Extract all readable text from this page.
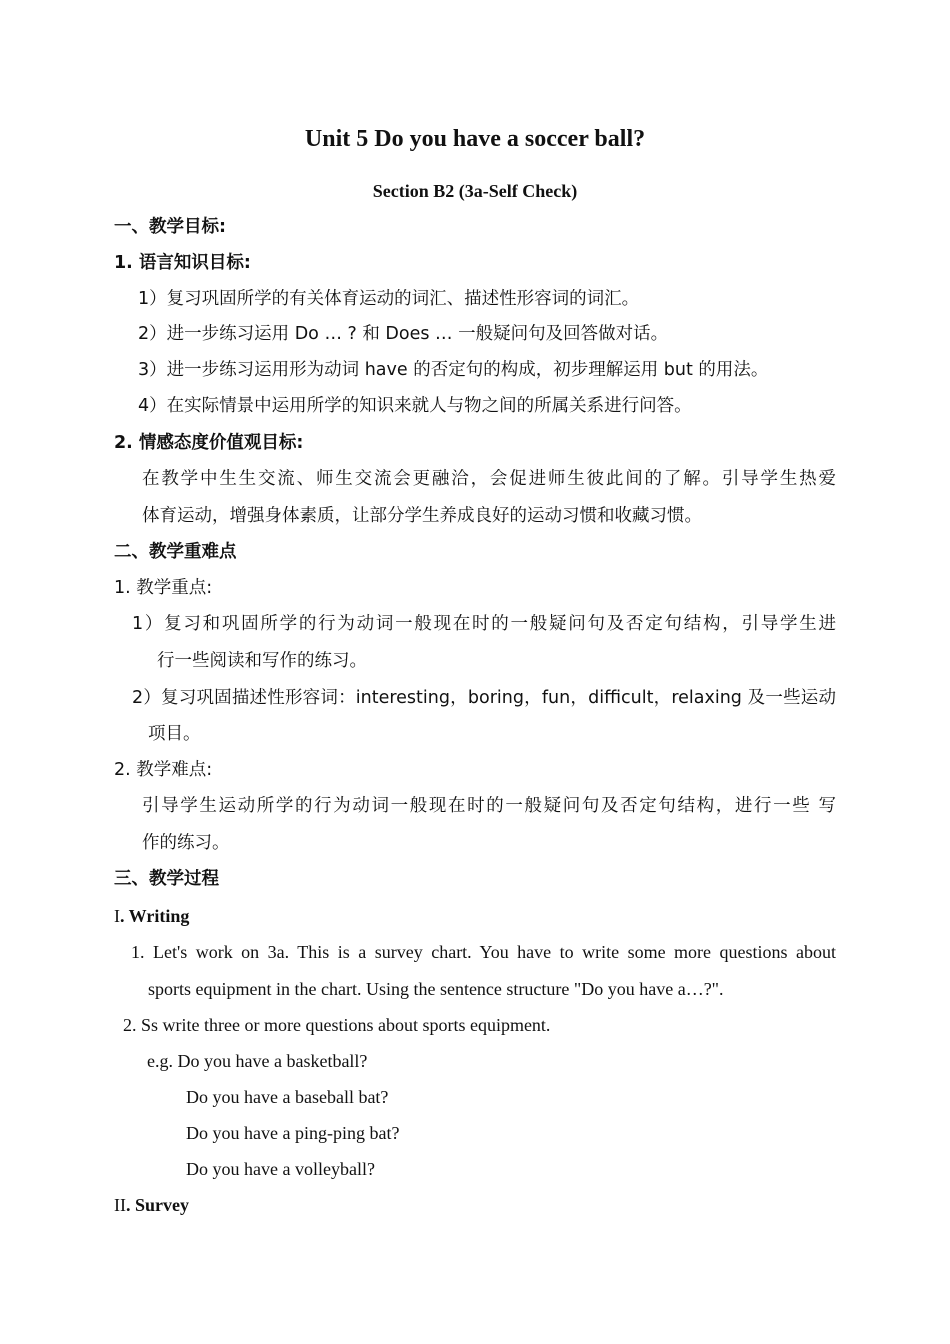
Unit 5 Do you have a soccer ball?
Section B2 (3a-Self Check)
一、教学目标:
1. 语言知识目标:
1）复习巩固所学的有关体育运动的词汇、描述性形容词的词汇。
2）进一步练习运用 Do … ? 和 Does … 一般疑问句及回答做对话。
3）进一步练习运用形为动词 have 的否定句的构成，初步理解运用 but 的用法。
4）在实际情景中运用所学的知识来就人与物之间的所属关系进行问答。
2. 情感态度价值观目标:
在教学中生生交流、师生交流会更融洽，会促进师生彼此间的了解。引导学生热爱
体育运动，增强身体素质，让部分学生养成良好的运动习惯和收藏习惯。
二、教学重难点
1. 教学重点:
1）复习和巩固所学的行为动词一般现在时的一般疑问句及否定句结构，引导学生进
行一些阅读和写作的练习。
2）复习巩固描述性形容词：interesting，boring，fun，difficult，relaxing 及一些运动
项目。
2. 教学难点:
引导学生运动所学的行为动词一般现在时的一般疑问句及否定句结构，进行一些 写
作的练习。
三、教学过程
I. Writing
1. Let's work on 3a. This is a survey chart. You have to write some more questions about
sports equipment in the chart. Using the sentence structure "Do you have a…?".
2. Ss write three or more questions about sports equipment.
e.g. Do you have a basketball?
Do you have a baseball bat?
Do you have a ping-ping bat?
Do you have a volleyball?
II. Survey
